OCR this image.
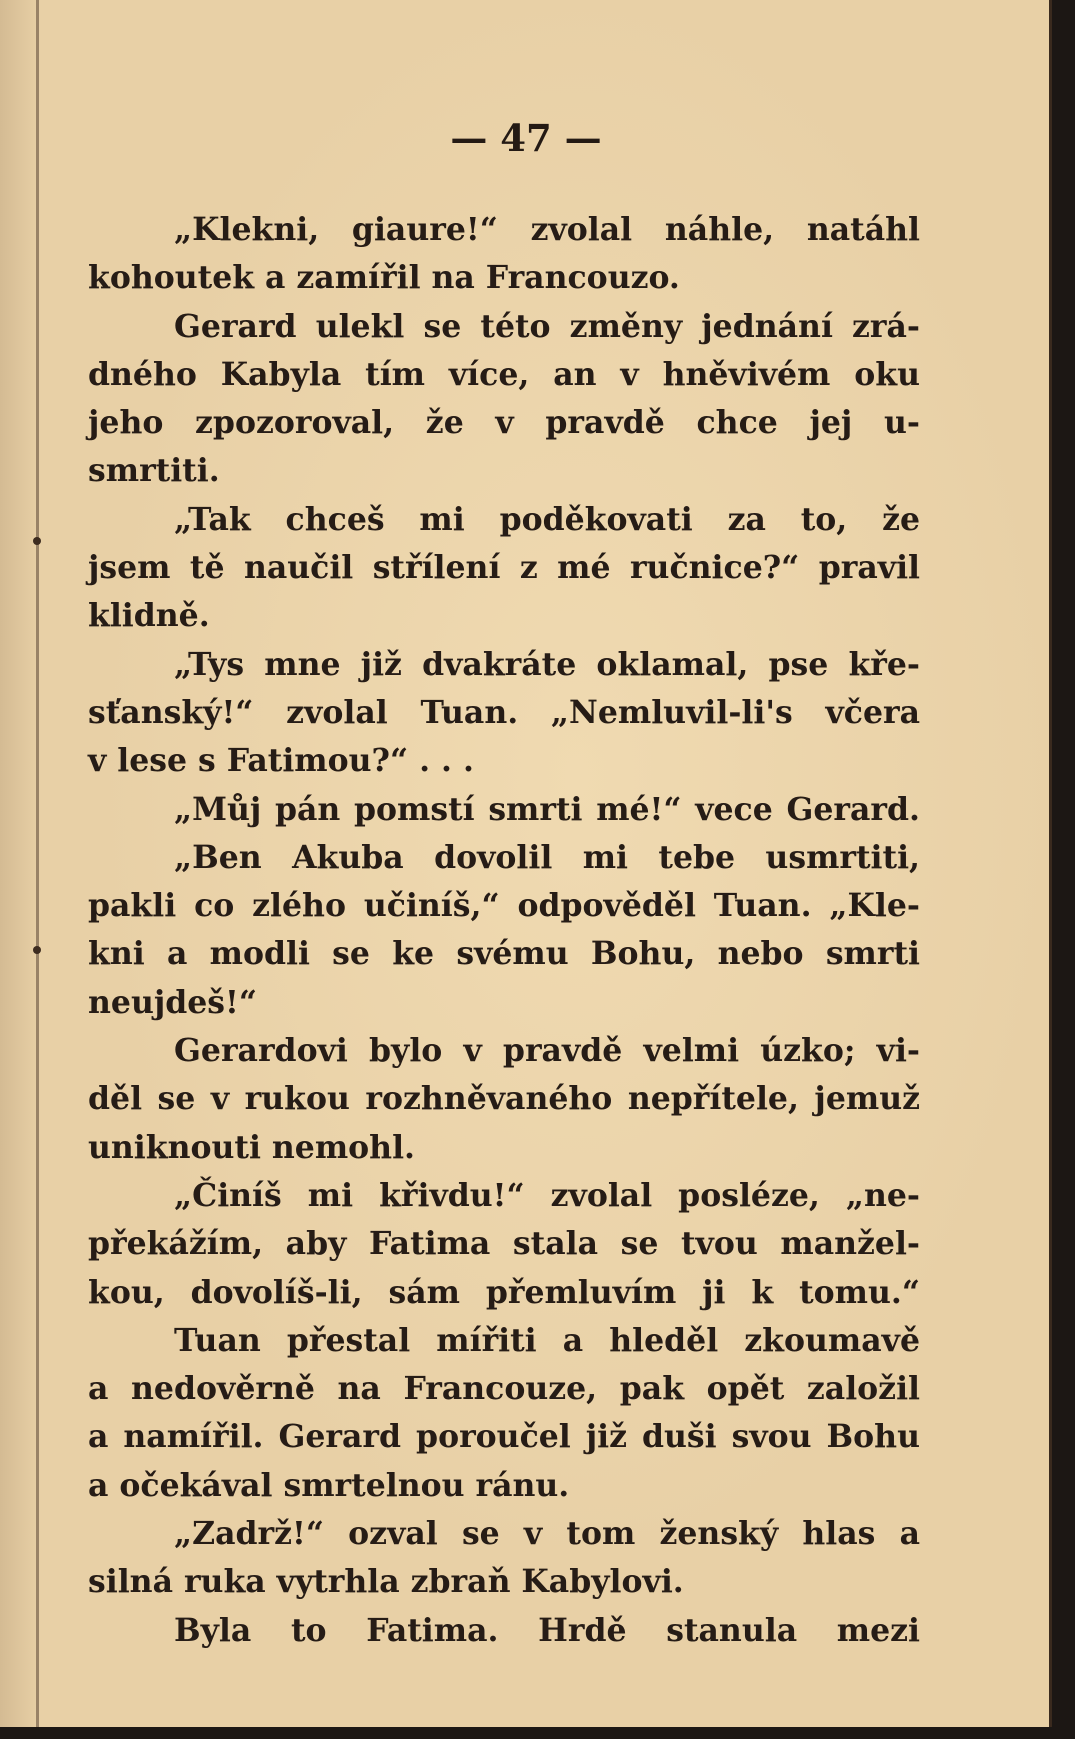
— 47 —
„Klekni, giaure!“ zvolal náhle, natáhl
kohoutek a zamířil na Francouzo.
Gerard ulekl se této změny jednání zrá-
dného Kabyla tím více, an v hněvivém oku
jeho zpozoroval, že v pravdě chce jej u-
smrtiti.
„Tak chceš mi poděkovati za to, že
jsem tě naučil střílení z mé ručnice?“ pravil
klidně.
„Tys mne již dvakráte oklamal, pse kře-
sťanský!“ zvolal Tuan. „Nemluvil-li's včera
v lese s Fatimou?“ . . .
„Můj pán pomstí smrti mé!“ vece Gerard.
„Ben Akuba dovolil mi tebe usmrtiti,
pakli co zlého učiníš,“ odpověděl Tuan. „Kle-
kni a modli se ke svému Bohu, nebo smrti
neujdeš!“
Gerardovi bylo v pravdě velmi úzko; vi-
děl se v rukou rozhněvaného nepřítele, jemuž
uniknouti nemohl.
„Činíš mi křivdu!“ zvolal posléze, „ne-
překážím, aby Fatima stala se tvou manžel-
kou, dovolíš-li, sám přemluvím ji k tomu.“
Tuan přestal mířiti a hleděl zkoumavě
a nedověrně na Francouze, pak opět založil
a namířil. Gerard poroučel již duši svou Bohu
a očekával smrtelnou ránu.
„Zadrž!“ ozval se v tom ženský hlas a
silná ruka vytrhla zbraň Kabylovi.
Byla to Fatima. Hrdě stanula mezi
